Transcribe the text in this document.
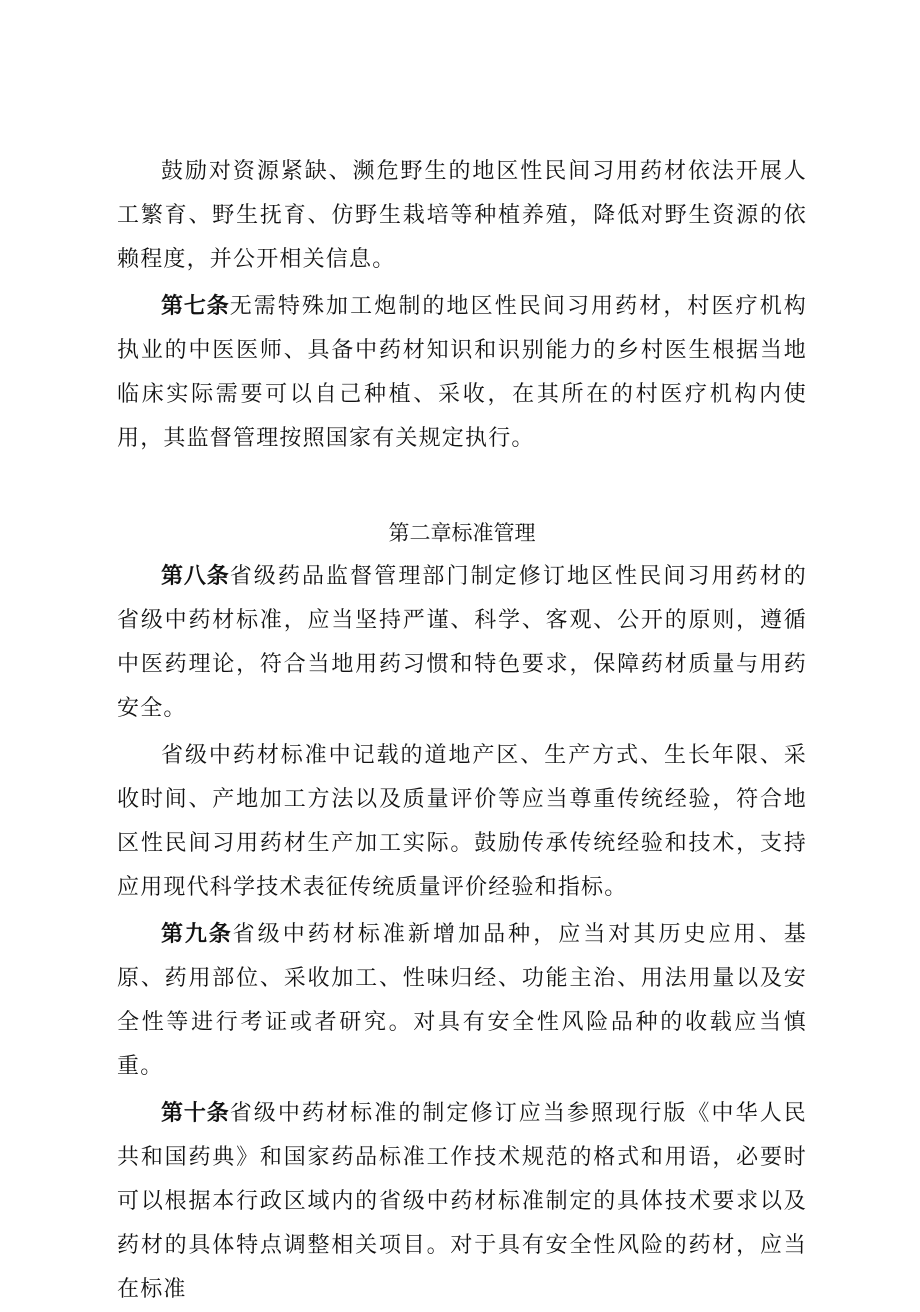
鼓励对资源紧缺、濒危野生的地区性民间习用药材依法开展人工繁育、野生抚育、仿野生栽培等种植养殖，降低对野生资源的依赖程度，并公开相关信息。

第七条无需特殊加工炮制的地区性民间习用药材，村医疗机构执业的中医医师、具备中药材知识和识别能力的乡村医生根据当地临床实际需要可以自己种植、采收，在其所在的村医疗机构内使用，其监督管理按照国家有关规定执行。

第二章标准管理

第八条省级药品监督管理部门制定修订地区性民间习用药材的省级中药材标准，应当坚持严谨、科学、客观、公开的原则，遵循中医药理论，符合当地用药习惯和特色要求，保障药材质量与用药安全。

省级中药材标准中记载的道地产区、生产方式、生长年限、采收时间、产地加工方法以及质量评价等应当尊重传统经验，符合地区性民间习用药材生产加工实际。鼓励传承传统经验和技术，支持应用现代科学技术表征传统质量评价经验和指标。

第九条省级中药材标准新增加品种，应当对其历史应用、基原、药用部位、采收加工、性味归经、功能主治、用法用量以及安全性等进行考证或者研究。对具有安全性风险品种的收载应当慎重。

第十条省级中药材标准的制定修订应当参照现行版《中华人民共和国药典》和国家药品标准工作技术规范的格式和用语，必要时可以根据本行政区域内的省级中药材标准制定的具体技术要求以及药材的具体特点调整相关项目。对于具有安全性风险的药材，应当在标准
